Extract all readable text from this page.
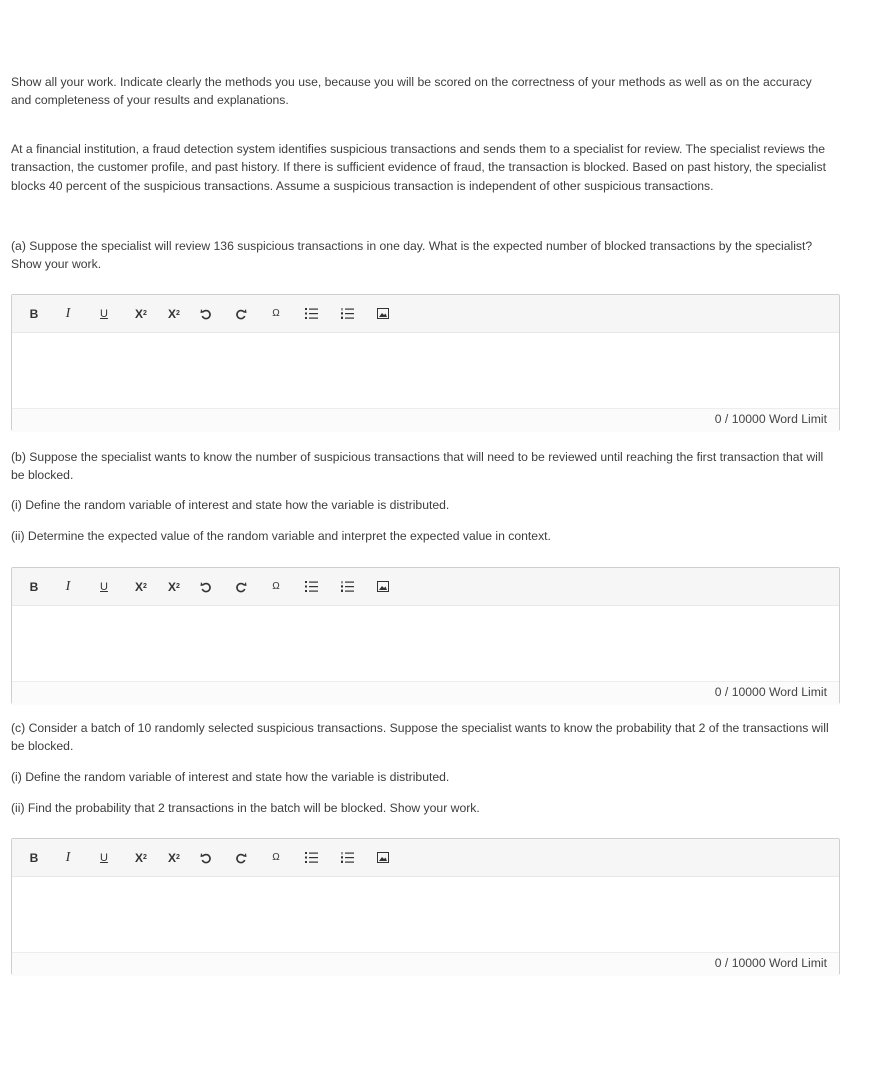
Show all your work. Indicate clearly the methods you use, because you will be scored on the correctness of your methods as well as on the accuracy and completeness of your results and explanations.

At a financial institution, a fraud detection system identifies suspicious transactions and sends them to a specialist for review. The specialist reviews the transaction, the customer profile, and past history. If there is sufficient evidence of fraud, the transaction is blocked. Based on past history, the specialist blocks 40 percent of the suspicious transactions. Assume a suspicious transaction is independent of other suspicious transactions.

(a) Suppose the specialist will review 136 suspicious transactions in one day. What is the expected number of blocked transactions by the specialist? Show your work.

B	I	U	X 2 X 2	Ω
0 / 10000 Word Limit

(b) Suppose the specialist wants to know the number of suspicious transactions that will need to be reviewed until reaching the first transaction that will be blocked.

(i) Define the random variable of interest and state how the variable is distributed.

(ii) Determine the expected value of the random variable and interpret the expected value in context.

B	I	U	X 2 X 2	Ω
0 / 10000 Word Limit

(c) Consider a batch of 10 randomly selected suspicious transactions. Suppose the specialist wants to know the probability that 2 of the transactions will be blocked.

(i) Define the random variable of interest and state how the variable is distributed.

(ii) Find the probability that 2 transactions in the batch will be blocked. Show your work.

B	I	U	X 2 X 2	Ω
0 / 10000 Word Limit
